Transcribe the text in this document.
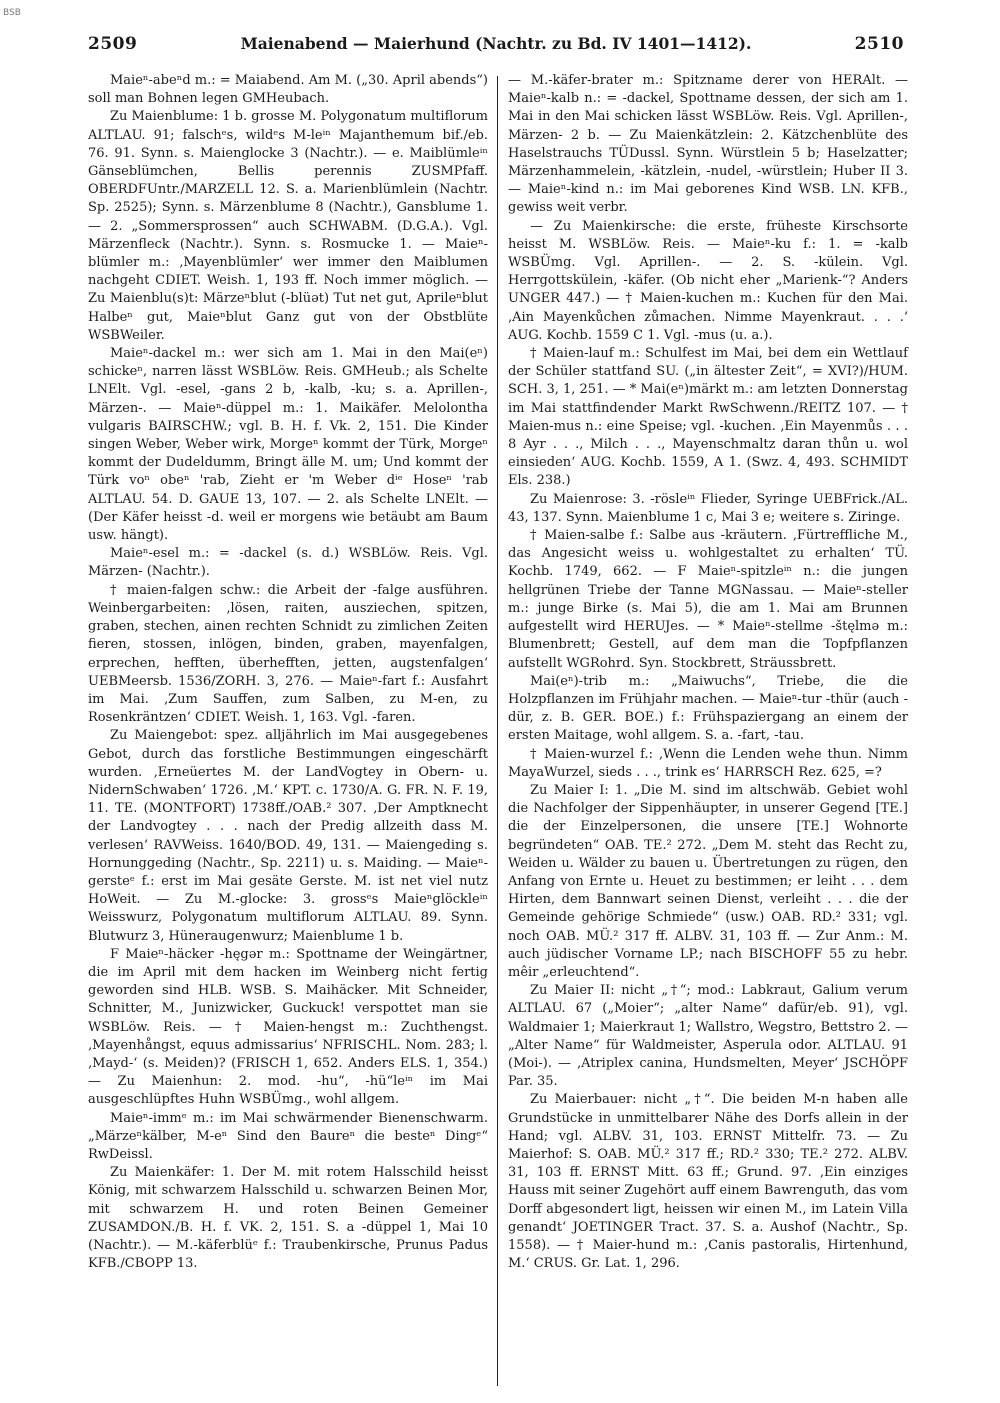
BSB
2509	Maienabend — Maierhund (Nachtr. zu Bd. IV 1401—1412).	2510

Maieⁿ-abeⁿd m.: = Maiabend. Am M. („30. April abends“) soll man Bohnen legen GMHeubach.

Zu Maienblume: 1 b. grosse M. Polygonatum multiflorum ALTLAU. 91; falschᵉs, wildᵉs M-leⁱⁿ Majanthemum bif./eb. 76. 91. Synn. s. Maienglocke 3 (Nachtr.). — e. Maiblümleⁱⁿ Gänseblümchen, Bellis perennis ZUSMPfaff. OBERDFUntr./MARZELL 12. S. a. Marienblümlein (Nachtr. Sp. 2525); Synn. s. Märzenblume 8 (Nachtr.), Gansblume 1. — 2. „Sommersprossen“ auch SCHWABM. (D.G.A.). Vgl. Märzenfleck (Nachtr.). Synn. s. Rosmucke 1. — Maieⁿ-blümler m.: ‚Mayenblümler‘ wer immer den Maiblumen nachgeht CDIET. Weish. 1, 193 ff. Noch immer möglich. — Zu Maienblu(s)t: Märzeⁿblut (-blüət) Tut net gut, Aprileⁿblut Halbeⁿ gut, Maieⁿblut Ganz gut von der Obstblüte WSBWeiler.

Maieⁿ-dackel m.: wer sich am 1. Mai in den Mai(eⁿ) schickeⁿ, narren lässt WSBLöw. Reis. GMHeub.; als Schelte LNElt. Vgl. -esel, -gans 2 b, -kalb, -ku; s. a. Aprillen-, Märzen-. — Maieⁿ-düppel m.: 1. Maikäfer. Melolontha vulgaris BAIRSCHW.; vgl. B. H. f. Vk. 2, 151. Die Kinder singen Weber, Weber wirk, Morgeⁿ kommt der Türk, Morgeⁿ kommt der Dudeldumm, Bringt älle M. um; Und kommt der Türk voⁿ obeⁿ 'rab, Zieht er 'm Weber dⁱᵉ Hoseⁿ 'rab ALTLAU. 54. D. GAUE 13, 107. — 2. als Schelte LNElt. — (Der Käfer heisst -d. weil er morgens wie betäubt am Baum usw. hängt).

Maieⁿ-esel m.: = -dackel (s. d.) WSBLöw. Reis. Vgl. Märzen- (Nachtr.).

† maien-falgen schw.: die Arbeit der -falge ausführen. Weinbergarbeiten: ‚lösen, raiten, ausziechen, spitzen, graben, stechen, ainen rechten Schnidt zu zimlichen Zeiten fieren, stossen, inlögen, binden, graben, mayenfalgen, erprechen, hefften, überhefften, jetten, augstenfalgen‘ UEBMeersb. 1536/ZORH. 3, 276. — Maieⁿ-fart f.: Ausfahrt im Mai. ‚Zum Sauffen, zum Salben, zu M-en, zu Rosenkräntzen‘ CDIET. Weish. 1, 163. Vgl. -faren.

Zu Maiengebot: spez. alljährlich im Mai ausgegebenes Gebot, durch das forstliche Bestimmungen eingeschärft wurden. ‚Erneüertes M. der LandVogtey in Obern- u. NidernSchwaben‘ 1726. ‚M.‘ KPT. c. 1730/A. G. FR. N. F. 19, 11. TE. (MONTFORT) 1738ff./OAB.² 307. ‚Der Amptknecht der Landvogtey . . . nach der Predig allzeith dass M. verlesen‘ RAVWeiss. 1640/BOD. 49, 131. — Maiengeding s. Hornunggeding (Nachtr., Sp. 2211) u. s. Maiding. — Maieⁿ-gersteᵉ f.: erst im Mai gesäte Gerste. M. ist net viel nutz HoWeit. — Zu M.-glocke: 3. grossᵉs Maieⁿglöckleⁱⁿ Weisswurz, Polygonatum multiflorum ALTLAU. 89. Synn. Blutwurz 3, Hüneraugenwurz; Maienblume 1 b.

F Maieⁿ-häcker -hęgər m.: Spottname der Weingärtner, die im April mit dem hacken im Weinberg nicht fertig geworden sind HLB. WSB. S. Maihäcker. Mit Schneider, Schnitter, M., Junizwicker, Guckuck! verspottet man sie WSBLöw. Reis. — † Maien-hengst m.: Zuchthengst. ‚Mayenhångst, equus admissarius‘ NFRISCHL. Nom. 283; l. ‚Mayd-‘ (s. Meiden)? (FRISCH 1, 652. Anders ELS. 1, 354.) — Zu Maienhun: 2. mod. -hu“, -hü“leⁱⁿ im Mai ausgeschlüpftes Huhn WSBÜmg., wohl allgem.

Maieⁿ-immᵉ m.: im Mai schwärmender Bienenschwarm. „Märzeⁿkälber, M-eⁿ Sind den Baureⁿ die besteⁿ Dingᵉ“ RwDeissl.

Zu Maienkäfer: 1. Der M. mit rotem Halsschild heisst König, mit schwarzem Halsschild u. schwarzen Beinen Mor, mit schwarzem H. und roten Beinen Gemeiner ZUSAMDON./B. H. f. VK. 2, 151. S. a -düppel 1, Mai 10 (Nachtr.). — M.-käferblüᵉ f.: Traubenkirsche, Prunus Padus KFB./CBOPP 13.

— M.-käfer-brater m.: Spitzname derer von HERAlt. — Maieⁿ-kalb n.: = -dackel, Spottname dessen, der sich am 1. Mai in den Mai schicken lässt WSBLöw. Reis. Vgl. Aprillen-, Märzen- 2 b. — Zu Maienkätzlein: 2. Kätzchenblüte des Haselstrauchs TÜDussl. Synn. Würstlein 5 b; Haselzatter; Märzenhammelein, -kätzlein, -nudel, -würstlein; Huber II 3. — Maieⁿ-kind n.: im Mai geborenes Kind WSB. LN. KFB., gewiss weit verbr.

— Zu Maienkirsche: die erste, früheste Kirschsorte heisst M. WSBLöw. Reis. — Maieⁿ-ku f.: 1. = -kalb WSBÜmg. Vgl. Aprillen-. — 2. S. -külein. Vgl. Herrgottskülein, -käfer. (Ob nicht eher „Marienk-“? Anders UNGER 447.) — † Maien-kuchen m.: Kuchen für den Mai. ‚Ain Mayenkůchen zůmachen. Nimme Mayenkraut. . . .‘ AUG. Kochb. 1559 C 1. Vgl. -mus (u. a.).

† Maien-lauf m.: Schulfest im Mai, bei dem ein Wettlauf der Schüler stattfand SU. („in ältester Zeit“, = XVI?)/HUM. SCH. 3, 1, 251. — * Mai(eⁿ)märkt m.: am letzten Donnerstag im Mai stattfindender Markt RwSchwenn./REITZ 107. — † Maien-mus n.: eine Speise; vgl. -kuchen. ‚Ein Mayenmůs . . . 8 Ayr . . ., Milch . . ., Mayenschmaltz daran thůn u. wol einsieden‘ AUG. Kochb. 1559, A 1. (Swz. 4, 493. SCHMIDT Els. 238.)

Zu Maienrose: 3. -rösleⁱⁿ Flieder, Syringe UEBFrick./AL. 43, 137. Synn. Maienblume 1 c, Mai 3 e; weitere s. Ziringe.

† Maien-salbe f.: Salbe aus -kräutern. ‚Fürtreffliche M., das Angesicht weiss u. wohlgestaltet zu erhalten‘ TÜ. Kochb. 1749, 662. — F Maieⁿ-spitzleⁱⁿ n.: die jungen hellgrünen Triebe der Tanne MGNassau. — Maieⁿ-steller m.: junge Birke (s. Mai 5), die am 1. Mai am Brunnen aufgestellt wird HERUJes. — * Maieⁿ-stellme -štęlmə m.: Blumenbrett; Gestell, auf dem man die Topfpflanzen aufstellt WGRohrd. Syn. Stockbrett, Sträussbrett.

Mai(eⁿ)-trib m.: „Maiwuchs“, Triebe, die die Holzpflanzen im Frühjahr machen. — Maieⁿ-tur -thür (auch -dür, z. B. GER. BOE.) f.: Frühspaziergang an einem der ersten Maitage, wohl allgem. S. a. -fart, -tau.

† Maien-wurzel f.: ‚Wenn die Lenden wehe thun. Nimm MayaWurzel, sieds . . ., trink es‘ HARRSCH Rez. 625, =?

Zu Maier I: 1. „Die M. sind im altschwäb. Gebiet wohl die Nachfolger der Sippenhäupter, in unserer Gegend [TE.] die der Einzelpersonen, die unsere [TE.] Wohnorte begründeten“ OAB. TE.² 272. „Dem M. steht das Recht zu, Weiden u. Wälder zu bauen u. Übertretungen zu rügen, den Anfang von Ernte u. Heuet zu bestimmen; er leiht . . . dem Hirten, dem Bannwart seinen Dienst, verleiht . . . die der Gemeinde gehörige Schmiede“ (usw.) OAB. RD.² 331; vgl. noch OAB. MÜ.² 317 ff. ALBV. 31, 103 ff. — Zur Anm.: M. auch jüdischer Vorname LP.; nach BISCHOFF 55 zu hebr. mêir „erleuchtend“.

Zu Maier II: nicht „†“; mod.: Labkraut, Galium verum ALTLAU. 67 („Moier“; „alter Name“ dafür/eb. 91), vgl. Waldmaier 1; Maierkraut 1; Wallstro, Wegstro, Bettstro 2. — „Alter Name“ für Waldmeister, Asperula odor. ALTLAU. 91 (Moi-). — ‚Atriplex canina, Hundsmelten, Meyer‘ JSCHÖPF Par. 35.

Zu Maierbauer: nicht „†“. Die beiden M-n haben alle Grundstücke in unmittelbarer Nähe des Dorfs allein in der Hand; vgl. ALBV. 31, 103. ERNST Mittelfr. 73. — Zu Maierhof: S. OAB. MÜ.² 317 ff.; RD.² 330; TE.² 272. ALBV. 31, 103 ff. ERNST Mitt. 63 ff.; Grund. 97. ‚Ein einziges Hauss mit seiner Zugehört auff einem Bawrenguth, das vom Dorff abgesondert ligt, heissen wir einen M., im Latein Villa genandt‘ JOETINGER Tract. 37. S. a. Aushof (Nachtr., Sp. 1558). — † Maier-hund m.: ‚Canis pastoralis, Hirtenhund, M.‘ CRUS. Gr. Lat. 1, 296.
